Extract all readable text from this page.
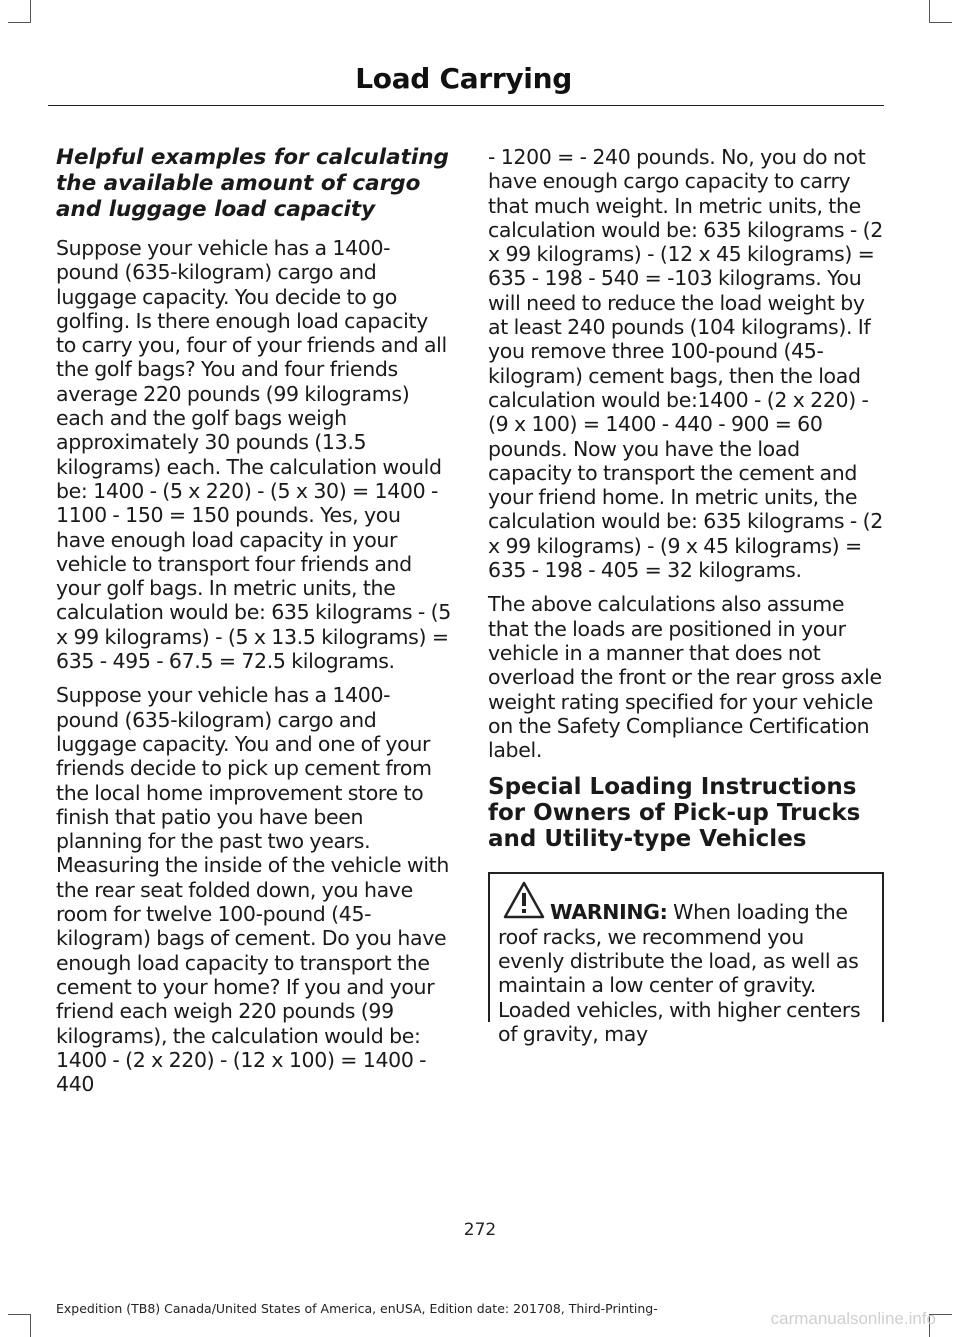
Load Carrying
Helpful examples for calculating the available amount of cargo and luggage load capacity

Suppose your vehicle has a 1400-pound (635-kilogram) cargo and luggage capacity. You decide to go golfing. Is there enough load capacity to carry you, four of your friends and all the golf bags? You and four friends average 220 pounds (99 kilograms) each and the golf bags weigh approximately 30 pounds (13.5 kilograms) each. The calculation would be: 1400 - (5 x 220) - (5 x 30) = 1400 - 1100 - 150 = 150 pounds. Yes, you have enough load capacity in your vehicle to transport four friends and your golf bags. In metric units, the calculation would be: 635 kilograms - (5 x 99 kilograms) - (5 x 13.5 kilograms) = 635 - 495 - 67.5 = 72.5 kilograms.

Suppose your vehicle has a 1400-pound (635-kilogram) cargo and luggage capacity. You and one of your friends decide to pick up cement from the local home improvement store to finish that patio you have been planning for the past two years. Measuring the inside of the vehicle with the rear seat folded down, you have room for twelve 100-pound (45-kilogram) bags of cement. Do you have enough load capacity to transport the cement to your home? If you and your friend each weigh 220 pounds (99 kilograms), the calculation would be: 1400 - (2 x 220) - (12 x 100) = 1400 - 440

- 1200 = - 240 pounds. No, you do not have enough cargo capacity to carry that much weight. In metric units, the calculation would be: 635 kilograms - (2 x 99 kilograms) - (12 x 45 kilograms) = 635 - 198 - 540 = -103 kilograms. You will need to reduce the load weight by at least 240 pounds (104 kilograms). If you remove three 100-pound (45-kilogram) cement bags, then the load calculation would be:1400 - (2 x 220) - (9 x 100) = 1400 - 440 - 900 = 60 pounds. Now you have the load capacity to transport the cement and your friend home. In metric units, the calculation would be: 635 kilograms - (2 x 99 kilograms) - (9 x 45 kilograms) = 635 - 198 - 405 = 32 kilograms.

The above calculations also assume that the loads are positioned in your vehicle in a manner that does not overload the front or the rear gross axle weight rating specified for your vehicle on the Safety Compliance Certification label.

Special Loading Instructions for Owners of Pick-up Trucks and Utility-type Vehicles

WARNING: When loading the roof racks, we recommend you evenly distribute the load, as well as maintain a low center of gravity. Loaded vehicles, with higher centers of gravity, may

272
Expedition (TB8) Canada/United States of America, enUSA, Edition date: 201708, Third-Printing-
carmanualsonline.info
